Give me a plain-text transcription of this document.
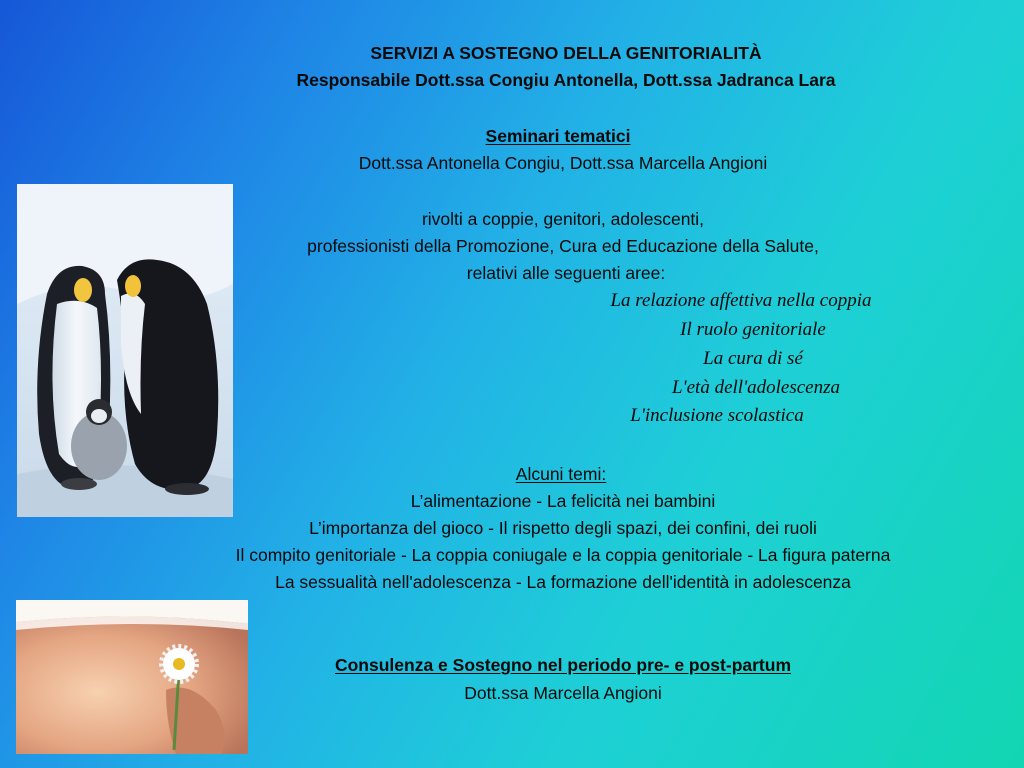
SERVIZI A SOSTEGNO DELLA GENITORIALITÀ
Responsabile Dott.ssa Congiu Antonella, Dott.ssa Jadranca Lara
Seminari tematici
Dott.ssa Antonella Congiu, Dott.ssa Marcella Angioni
rivolti a coppie, genitori, adolescenti,
professionisti della Promozione, Cura ed Educazione della Salute,
relativi alle seguenti aree:
La relazione affettiva nella coppia
Il ruolo genitoriale
La cura di sé
L'età dell'adolescenza
L'inclusione scolastica
Alcuni temi:
L’alimentazione - La felicità nei bambini
L’importanza del gioco - Il rispetto degli spazi, dei confini, dei ruoli
Il compito genitoriale - La coppia coniugale e la coppia genitoriale - La figura paterna
La sessualità nell'adolescenza - La formazione dell'identità in adolescenza
Consulenza e Sostegno nel periodo pre- e post-partum
Dott.ssa Marcella Angioni
